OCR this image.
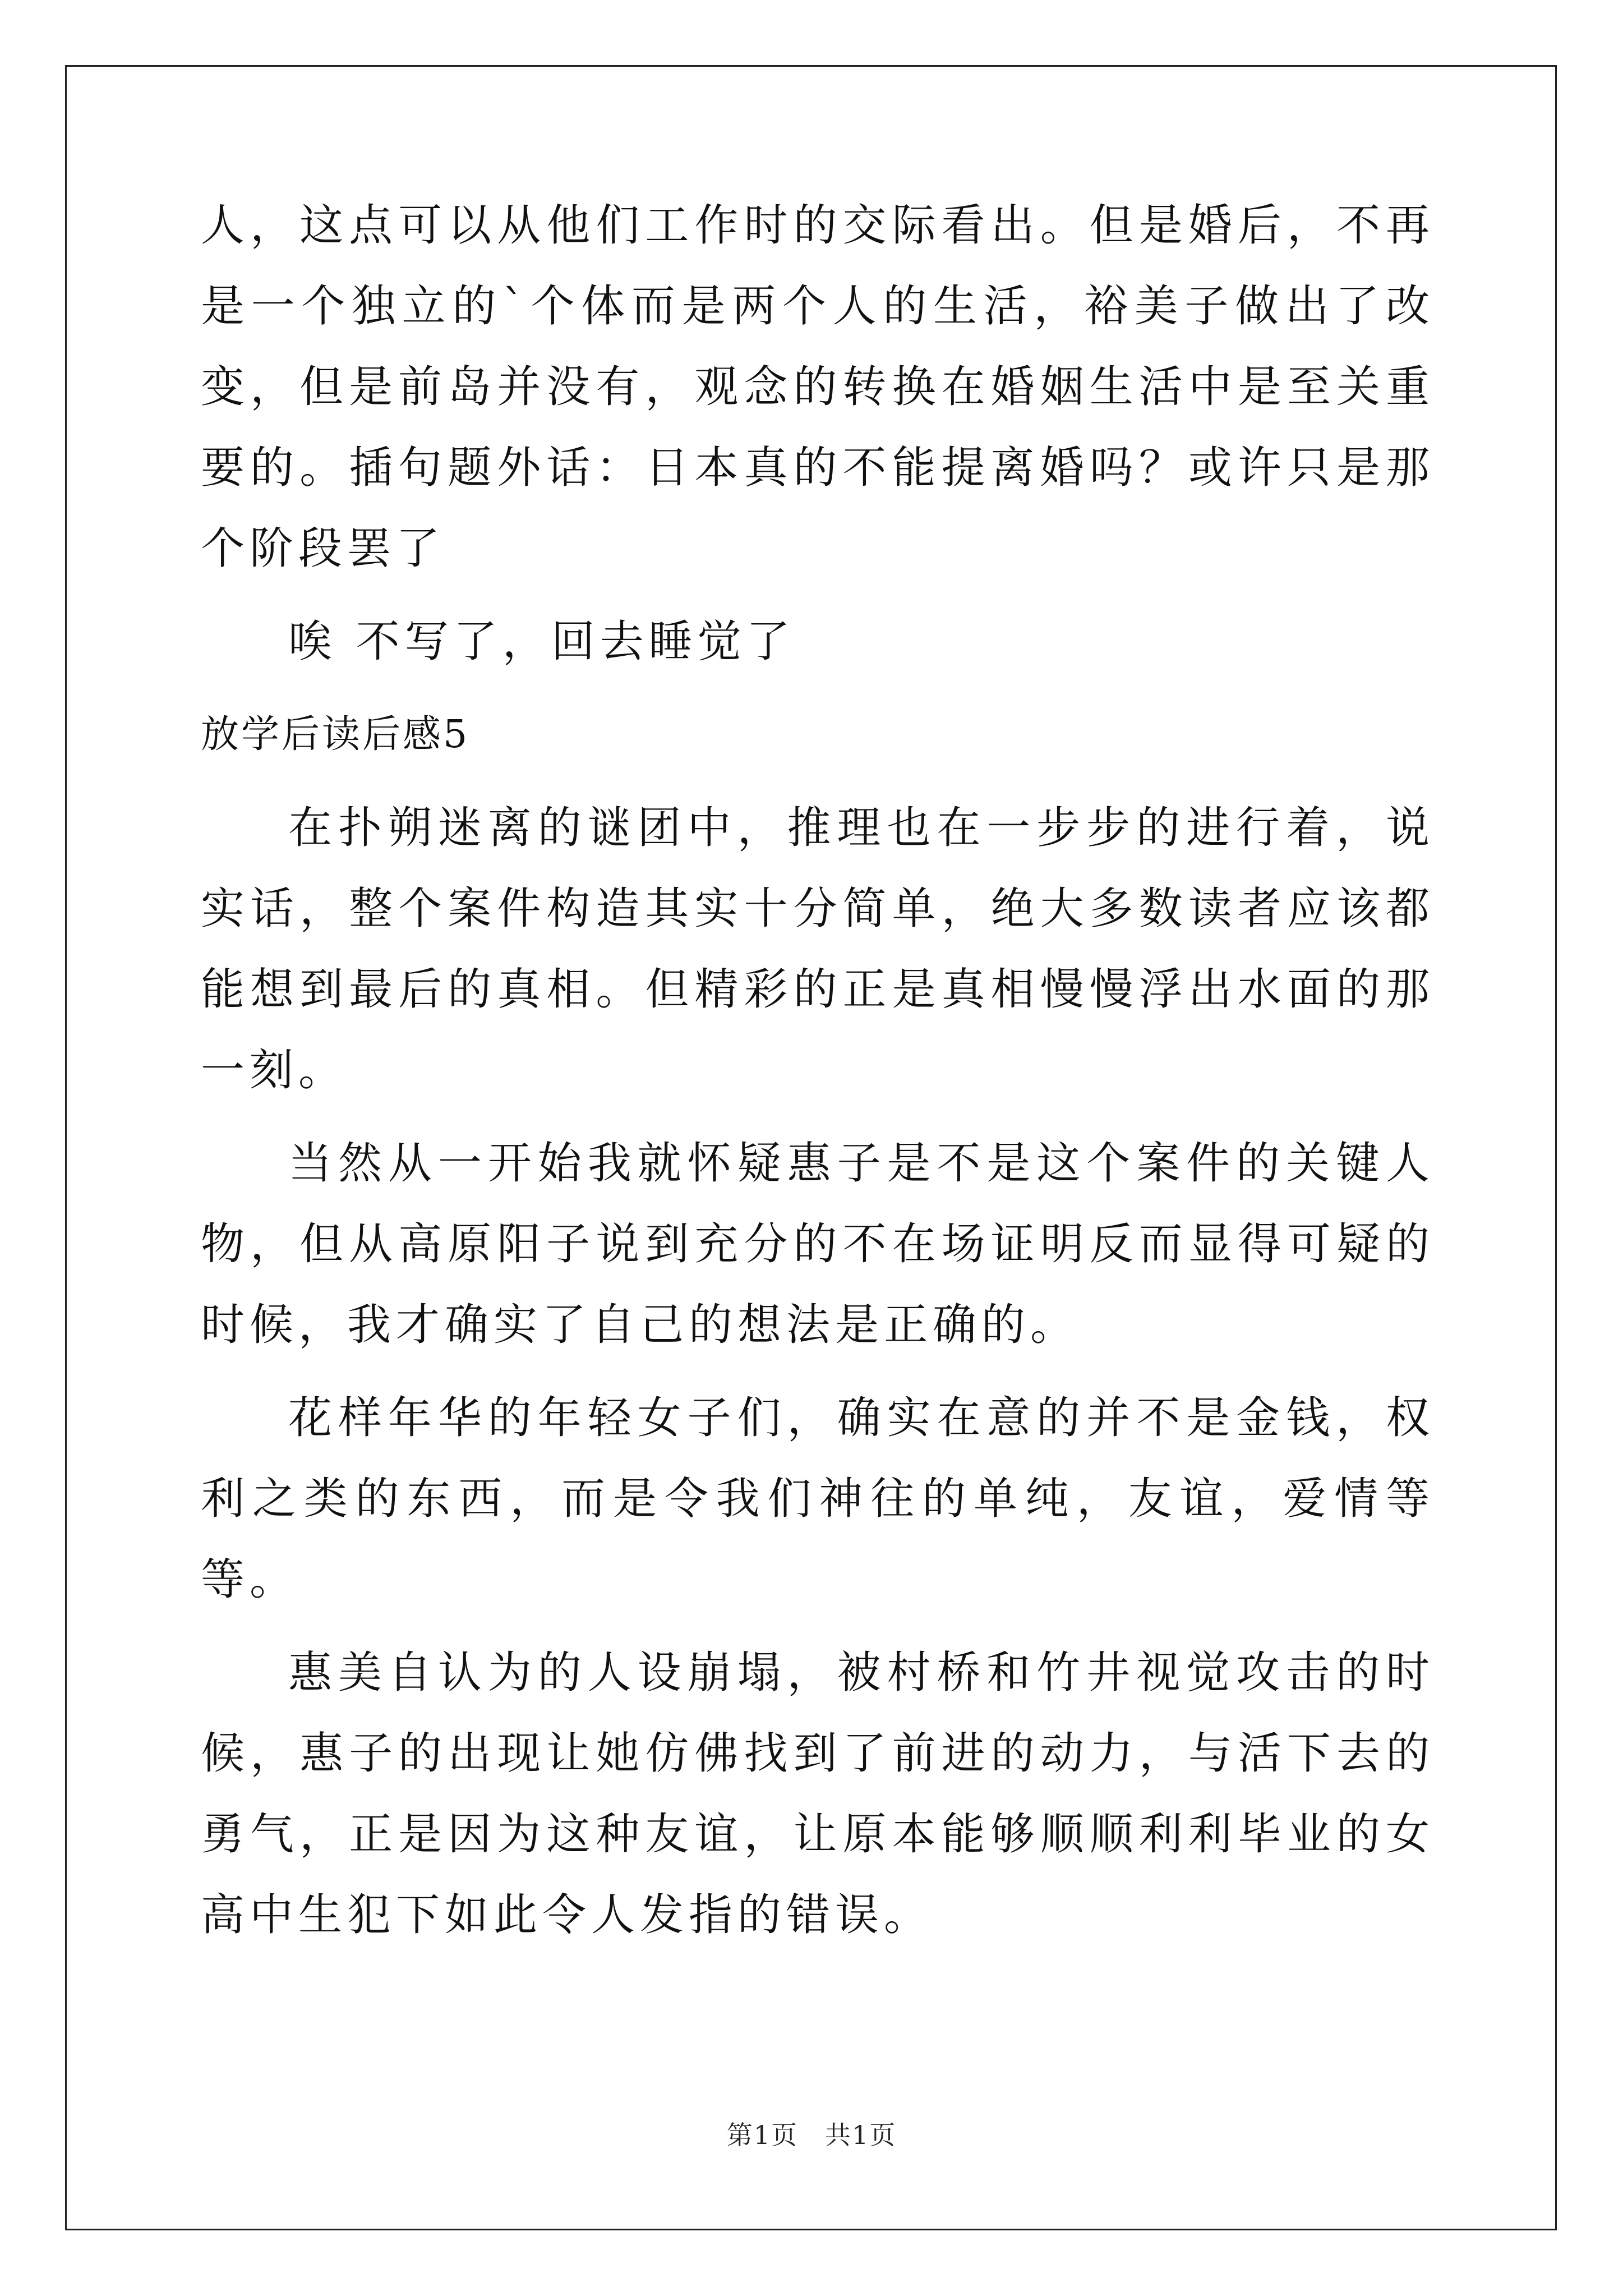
人，这点可以从他们工作时的交际看出。但是婚后，不再是一个独立的`个体而是两个人的生活，裕美子做出了改变，但是前岛并没有，观念的转换在婚姻生活中是至关重要的。插句题外话：日本真的不能提离婚吗？或许只是那个阶段罢了

唉 不写了，回去睡觉了

放学后读后感5

在扑朔迷离的谜团中，推理也在一步步的进行着，说实话，整个案件构造其实十分简单，绝大多数读者应该都能想到最后的真相。但精彩的正是真相慢慢浮出水面的那一刻。

当然从一开始我就怀疑惠子是不是这个案件的关键人物，但从高原阳子说到充分的不在场证明反而显得可疑的时候，我才确实了自己的想法是正确的。

花样年华的年轻女子们，确实在意的并不是金钱，权利之类的东西，而是令我们神往的单纯，友谊，爱情等等。

惠美自认为的人设崩塌，被村桥和竹井视觉攻击的时候，惠子的出现让她仿佛找到了前进的动力，与活下去的勇气，正是因为这种友谊，让原本能够顺顺利利毕业的女高中生犯下如此令人发指的错误。

第1页　共1页
